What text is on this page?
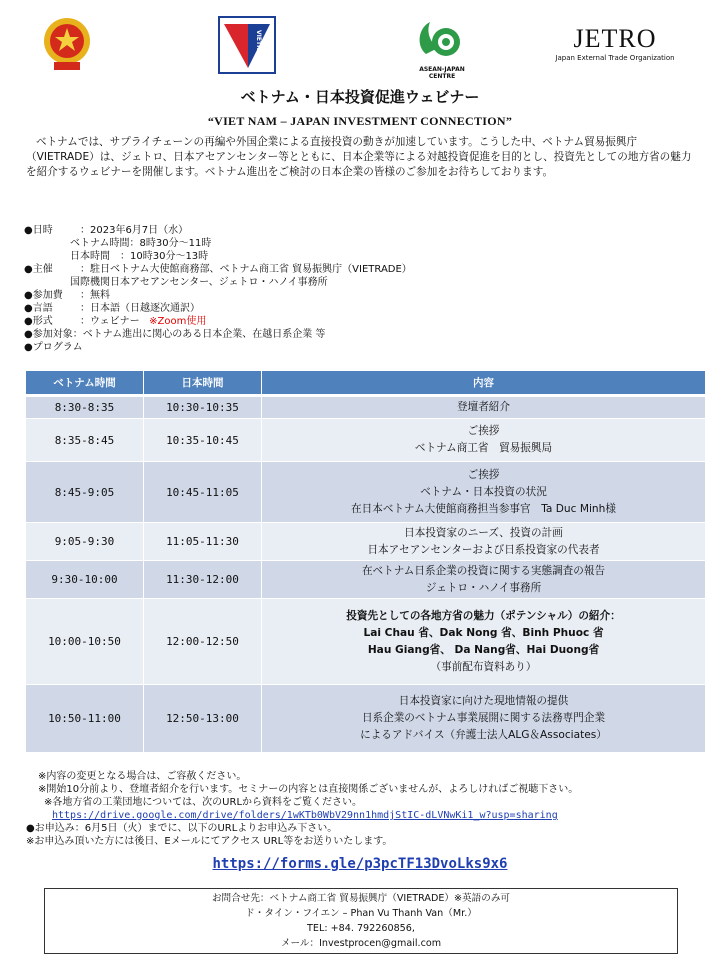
VIETRADE
ASEAN-JAPAN CENTRE
JETRO
Japan External Trade Organization
ベトナム・日本投資促進ウェビナー
“VIET NAM – JAPAN INVESTMENT CONNECTION”
ベトナムでは、サプライチェーンの再編や外国企業による直接投資の動きが加速しています。こうした中、ベトナム貿易振興庁（VIETRADE）は、ジェトロ、日本アセアンセンター等とともに、日本企業等による対越投資促進を目的とし、投資先としての地方省の魅力を紹介するウェビナーを開催します。ベトナム進出をご検討の日本企業の皆様のご参加をお待ちしております。
●日時	：2023年6月7日（水）
ベトナム時間：8時30分～11時
日本時間　：10時30分～13時
●主催	：駐日ベトナム大使館商務部、ベトナム商工省 貿易振興庁（VIETRADE）
国際機関日本アセアンセンター、ジェトロ・ハノイ事務所
●参加費	：無料
●言語	：日本語（日越逐次通訳）
●形式	：ウェビナー
※Zoom使用
●参加対象：ベトナム進出に関心のある日本企業、在越日系企業 等
●プログラム
ベトナム時間	日本時間	内容
8:30-8:35	10:30-10:35	登壇者紹介

8:35-8:45	10:35-10:45	ご挨拶
ベトナム商工省　貿易振興局

8:45-9:05	10:45-11:05	ご挨拶
ベトナム・日本投資の状況
在日本ベトナム大使館商務担当参事官　Ta Duc Minh様

9:05-9:30	11:05-11:30	日本投資家のニーズ、投資の計画
日本アセアンセンターおよび日系投資家の代表者

9:30-10:00	11:30-12:00	在ベトナム日系企業の投資に関する実態調査の報告
ジェトロ・ハノイ事務所

10:00-10:50	12:00-12:50	投資先としての各地方省の魅力（ポテンシャル）の紹介：
Lai Chau 省、Dak Nong 省、Binh Phuoc 省
Hau Giang省、 Da Nang省、Hai Duong省
（事前配布資料あり）

10:50-11:00	12:50-13:00	日本投資家に向けた現地情報の提供
日系企業のベトナム事業展開に関する法務専門企業
によるアドバイス（弁護士法人ALG＆Associates）
※内容の変更となる場合は、ご容赦ください。
※開始10分前より、登壇者紹介を行います。セミナーの内容とは直接関係ございませんが、よろしければご視聴下さい。
※各地方省の工業団地については、次のURLから資料をご覧ください。
https://drive.google.com/drive/folders/1wKTb0WbV29nn1hmdjStIC-dLVNwKi1_w?usp=sharing
●お申込み：6月5日（火）までに、以下のURLよりお申込み下さい。
※お申込み頂いた方には後日、Eメールにてアクセス URL等をお送りいたします。
https://forms.gle/p3pcTF13DvoLks9x6
お問合せ先：ベトナム商工省 貿易振興庁（VIETRADE）※英語のみ可
ド・タイン・フイエン – Phan Vu Thanh Van（Mr.）
TEL: +84. 792260856,
メール：Investprocen@gmail.com
